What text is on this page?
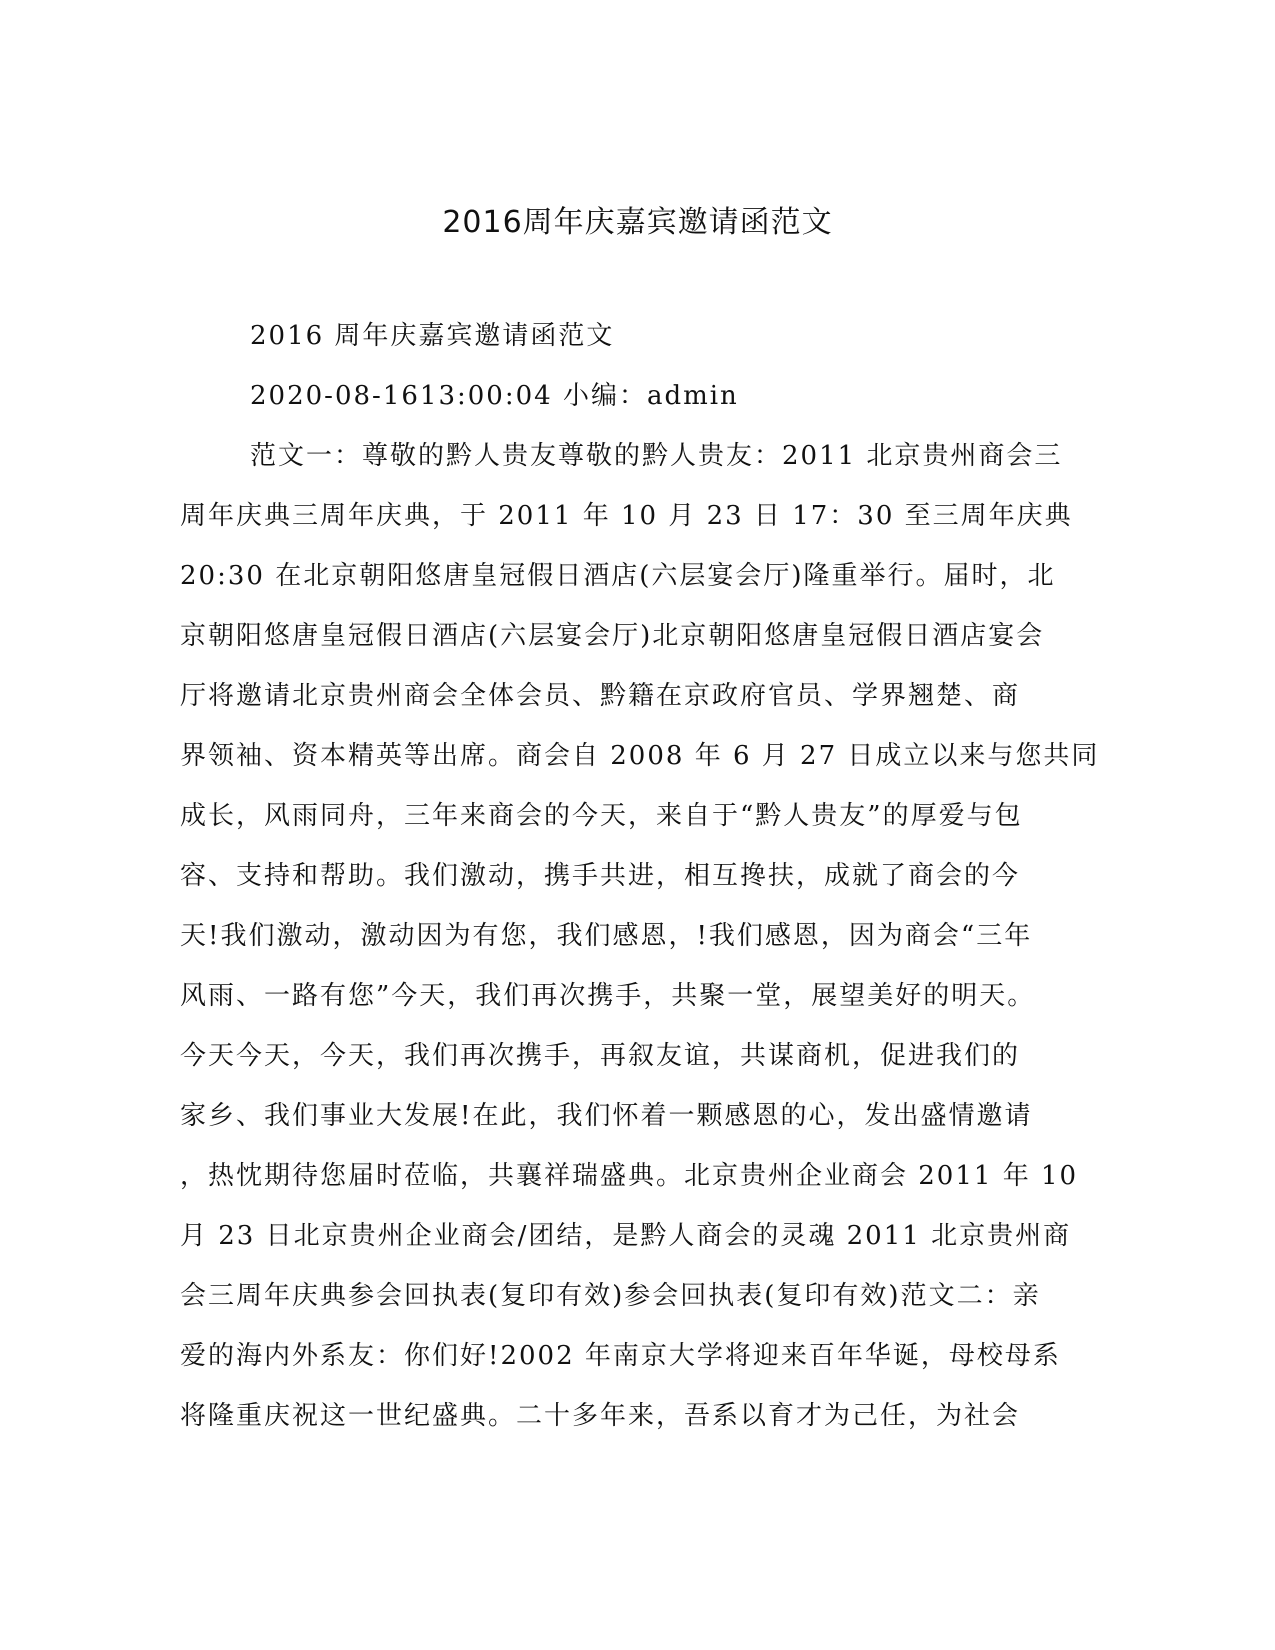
2016周年庆嘉宾邀请函范文
2016 周年庆嘉宾邀请函范文
2020-08-1613:00:04 小编：admin
范文一：尊敬的黔人贵友尊敬的黔人贵友：2011 北京贵州商会三
周年庆典三周年庆典，于 2011 年 10 月 23 日 17：30 至三周年庆典
20:30 在北京朝阳悠唐皇冠假日酒店(六层宴会厅)隆重举行。届时，北
京朝阳悠唐皇冠假日酒店(六层宴会厅)北京朝阳悠唐皇冠假日酒店宴会
厅将邀请北京贵州商会全体会员、黔籍在京政府官员、学界翘楚、商
界领袖、资本精英等出席。商会自 2008 年 6 月 27 日成立以来与您共同
成长，风雨同舟，三年来商会的今天，来自于“黔人贵友”的厚爱与包
容、支持和帮助。我们激动，携手共进，相互搀扶，成就了商会的今
天!我们激动，激动因为有您，我们感恩，!我们感恩，因为商会“三年
风雨、一路有您”今天，我们再次携手，共聚一堂，展望美好的明天。
今天今天，今天，我们再次携手，再叙友谊，共谋商机，促进我们的
家乡、我们事业大发展!在此，我们怀着一颗感恩的心，发出盛情邀请
，热忱期待您届时莅临，共襄祥瑞盛典。北京贵州企业商会 2011 年 10
月 23 日北京贵州企业商会/团结，是黔人商会的灵魂 2011 北京贵州商
会三周年庆典参会回执表(复印有效)参会回执表(复印有效)范文二：亲
爱的海内外系友：你们好!2002 年南京大学将迎来百年华诞，母校母系
将隆重庆祝这一世纪盛典。二十多年来，吾系以育才为己任，为社会
